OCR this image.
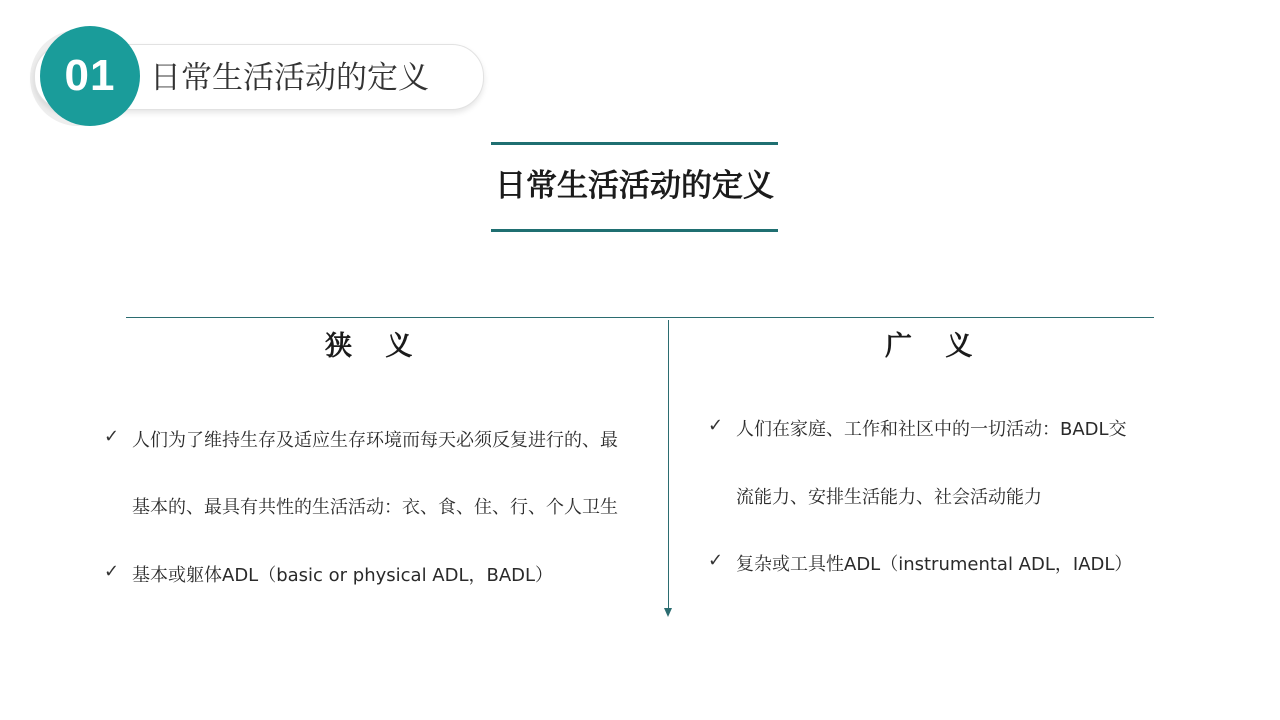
01	日常生活活动的定义
日常生活活动的定义
狭 义	广 义
✓ 人们为了维持生存及适应生存环境而每天必须反复进行的、最
基本的、最具有共性的生活活动：衣、食、住、行、个人卫生
✓ 基本或躯体ADL（basic or physical ADL，BADL）
✓ 人们在家庭、工作和社区中的一切活动：BADL交
流能力、安排生活能力、社会活动能力
✓ 复杂或工具性ADL（instrumental ADL，IADL）
